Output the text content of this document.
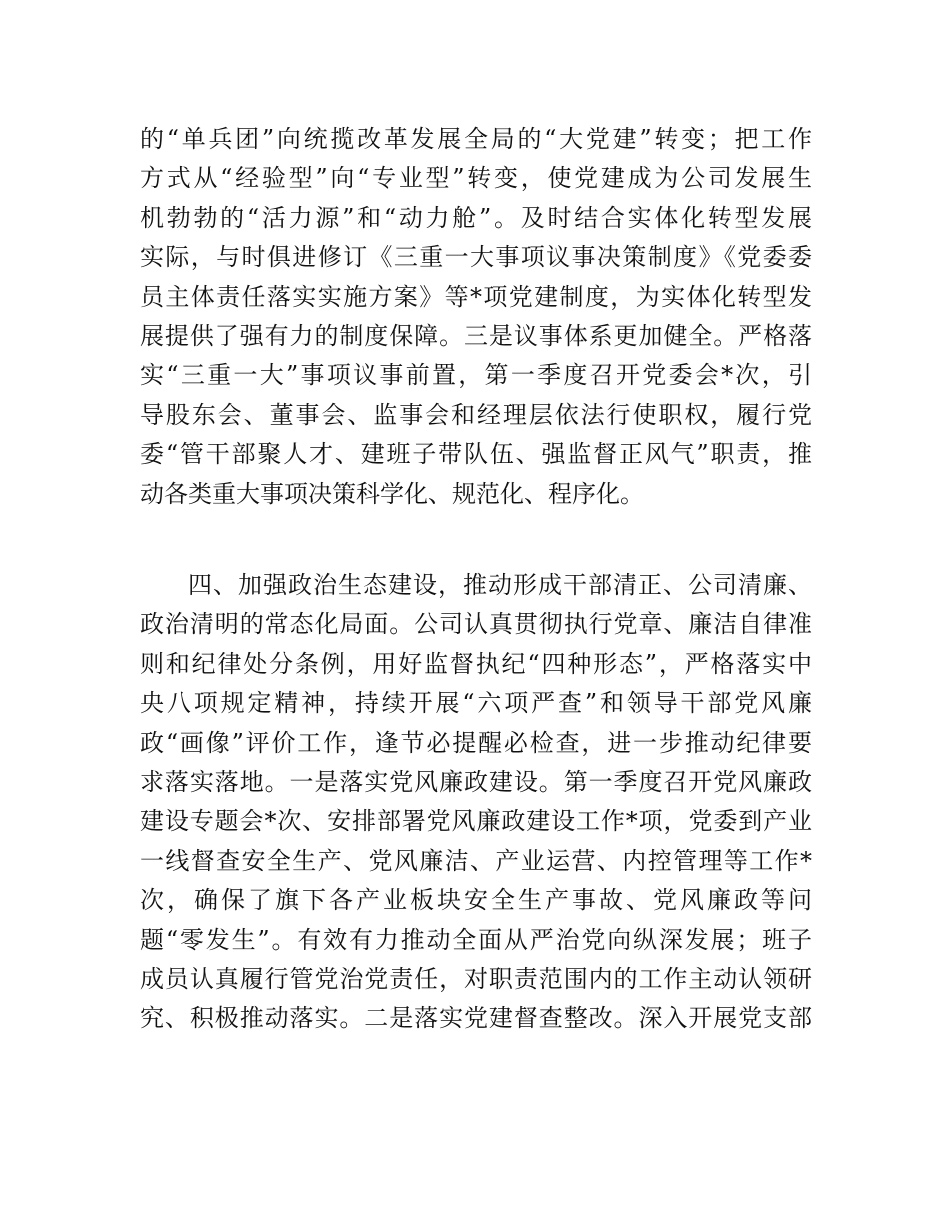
的“单兵团”向统揽改革发展全局的“大党建”转变；把工作
方式从“经验型”向“专业型”转变，使党建成为公司发展生
机勃勃的“活力源”和“动力舱”。及时结合实体化转型发展
实际，与时俱进修订《三重一大事项议事决策制度》《党委委
员主体责任落实实施方案》等*项党建制度，为实体化转型发
展提供了强有力的制度保障。三是议事体系更加健全。严格落
实“三重一大”事项议事前置，第一季度召开党委会*次，引
导股东会、董事会、监事会和经理层依法行使职权，履行党
委“管干部聚人才、建班子带队伍、强监督正风气”职责，推
动各类重大事项决策科学化、规范化、程序化。
四、加强政治生态建设，推动形成干部清正、公司清廉、
政治清明的常态化局面。公司认真贯彻执行党章、廉洁自律准
则和纪律处分条例，用好监督执纪“四种形态”，严格落实中
央八项规定精神，持续开展“六项严查”和领导干部党风廉
政“画像”评价工作，逢节必提醒必检查，进一步推动纪律要
求落实落地。一是落实党风廉政建设。第一季度召开党风廉政
建设专题会*次、安排部署党风廉政建设工作*项，党委到产业
一线督查安全生产、党风廉洁、产业运营、内控管理等工作*
次，确保了旗下各产业板块安全生产事故、党风廉政等问
题“零发生”。有效有力推动全面从严治党向纵深发展；班子
成员认真履行管党治党责任，对职责范围内的工作主动认领研
究、积极推动落实。二是落实党建督查整改。深入开展党支部
